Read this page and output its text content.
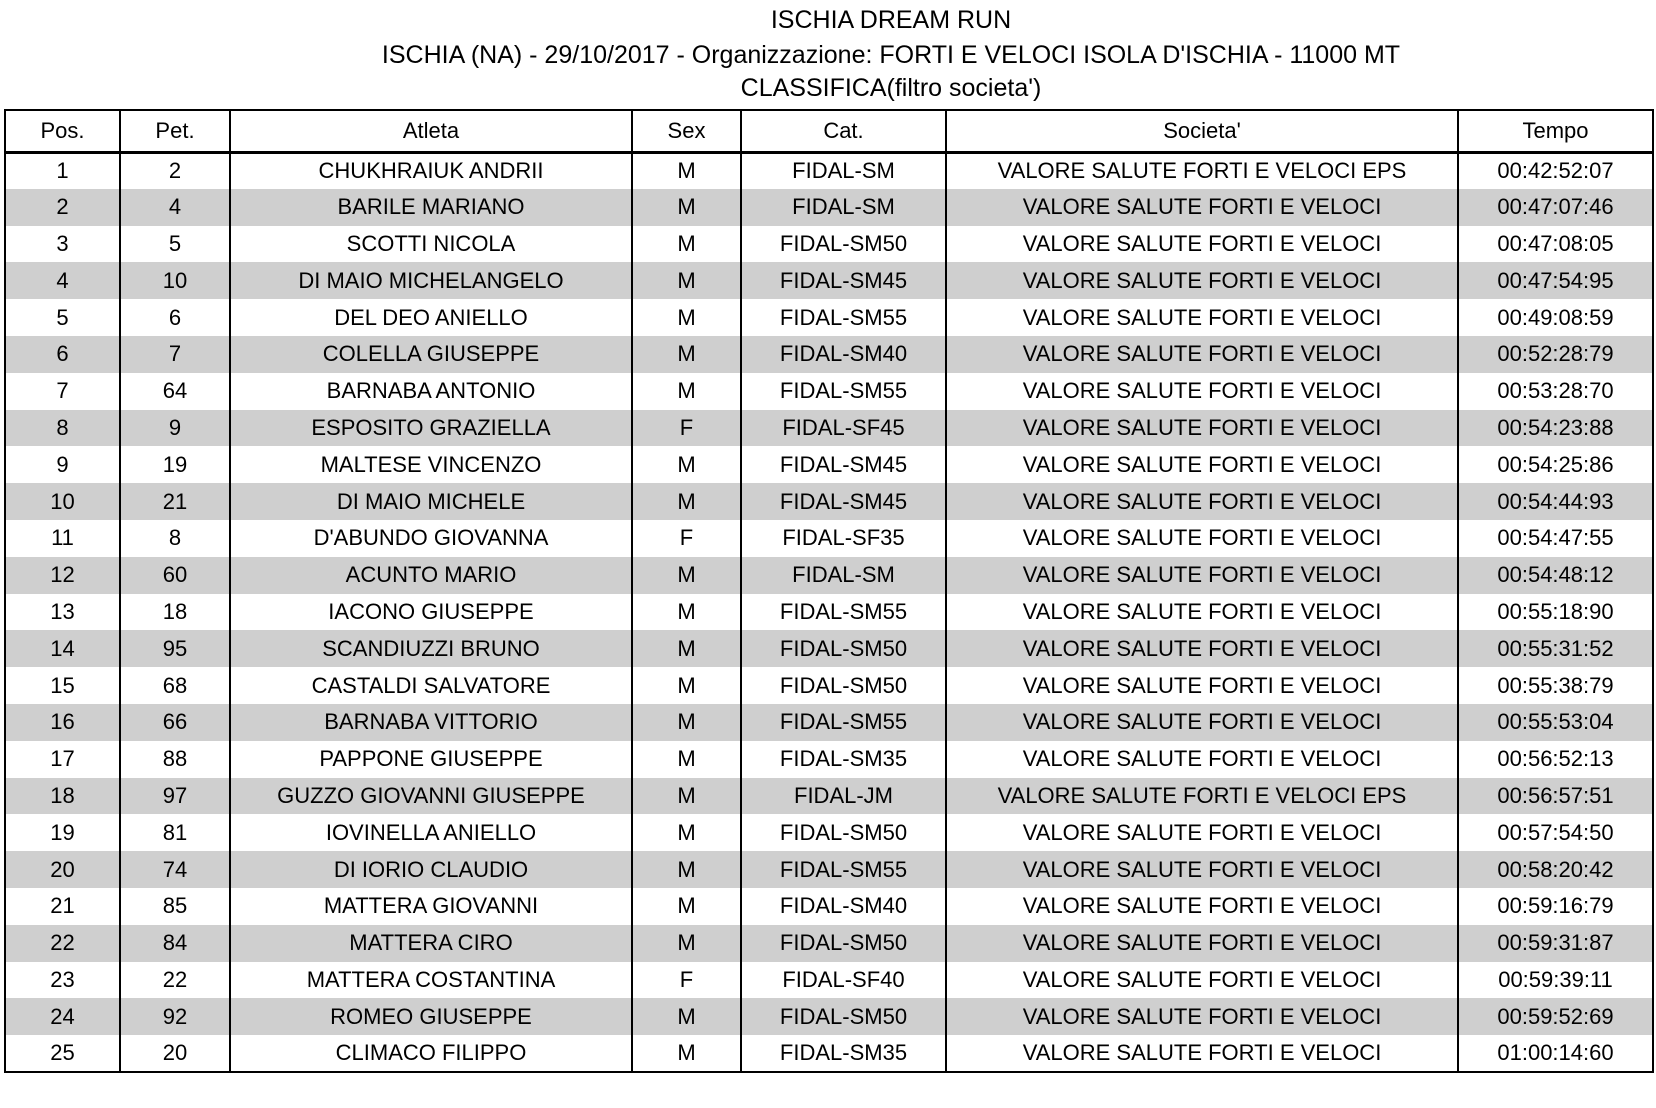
ISCHIA DREAM RUN
ISCHIA (NA) - 29/10/2017 - Organizzazione: FORTI E VELOCI ISOLA D'ISCHIA - 11000 MT
CLASSIFICA(filtro societa')
Pos.	Pet.	Atleta	Sex	Cat.	Societa'	Tempo
1	2	CHUKHRAIUK ANDRII	M	FIDAL-SM	VALORE SALUTE FORTI E VELOCI EPS	00:42:52:07
2	4	BARILE MARIANO	M	FIDAL-SM	VALORE SALUTE FORTI E VELOCI	00:47:07:46
3	5	SCOTTI NICOLA	M	FIDAL-SM50	VALORE SALUTE FORTI E VELOCI	00:47:08:05
4	10	DI MAIO MICHELANGELO	M	FIDAL-SM45	VALORE SALUTE FORTI E VELOCI	00:47:54:95
5	6	DEL DEO ANIELLO	M	FIDAL-SM55	VALORE SALUTE FORTI E VELOCI	00:49:08:59
6	7	COLELLA GIUSEPPE	M	FIDAL-SM40	VALORE SALUTE FORTI E VELOCI	00:52:28:79
7	64	BARNABA ANTONIO	M	FIDAL-SM55	VALORE SALUTE FORTI E VELOCI	00:53:28:70
8	9	ESPOSITO GRAZIELLA	F	FIDAL-SF45	VALORE SALUTE FORTI E VELOCI	00:54:23:88
9	19	MALTESE VINCENZO	M	FIDAL-SM45	VALORE SALUTE FORTI E VELOCI	00:54:25:86
10	21	DI MAIO MICHELE	M	FIDAL-SM45	VALORE SALUTE FORTI E VELOCI	00:54:44:93
11	8	D'ABUNDO GIOVANNA	F	FIDAL-SF35	VALORE SALUTE FORTI E VELOCI	00:54:47:55
12	60	ACUNTO MARIO	M	FIDAL-SM	VALORE SALUTE FORTI E VELOCI	00:54:48:12
13	18	IACONO GIUSEPPE	M	FIDAL-SM55	VALORE SALUTE FORTI E VELOCI	00:55:18:90
14	95	SCANDIUZZI BRUNO	M	FIDAL-SM50	VALORE SALUTE FORTI E VELOCI	00:55:31:52
15	68	CASTALDI SALVATORE	M	FIDAL-SM50	VALORE SALUTE FORTI E VELOCI	00:55:38:79
16	66	BARNABA VITTORIO	M	FIDAL-SM55	VALORE SALUTE FORTI E VELOCI	00:55:53:04
17	88	PAPPONE GIUSEPPE	M	FIDAL-SM35	VALORE SALUTE FORTI E VELOCI	00:56:52:13
18	97	GUZZO GIOVANNI GIUSEPPE	M	FIDAL-JM	VALORE SALUTE FORTI E VELOCI EPS	00:56:57:51
19	81	IOVINELLA ANIELLO	M	FIDAL-SM50	VALORE SALUTE FORTI E VELOCI	00:57:54:50
20	74	DI IORIO CLAUDIO	M	FIDAL-SM55	VALORE SALUTE FORTI E VELOCI	00:58:20:42
21	85	MATTERA GIOVANNI	M	FIDAL-SM40	VALORE SALUTE FORTI E VELOCI	00:59:16:79
22	84	MATTERA CIRO	M	FIDAL-SM50	VALORE SALUTE FORTI E VELOCI	00:59:31:87
23	22	MATTERA COSTANTINA	F	FIDAL-SF40	VALORE SALUTE FORTI E VELOCI	00:59:39:11
24	92	ROMEO GIUSEPPE	M	FIDAL-SM50	VALORE SALUTE FORTI E VELOCI	00:59:52:69
25	20	CLIMACO FILIPPO	M	FIDAL-SM35	VALORE SALUTE FORTI E VELOCI	01:00:14:60
